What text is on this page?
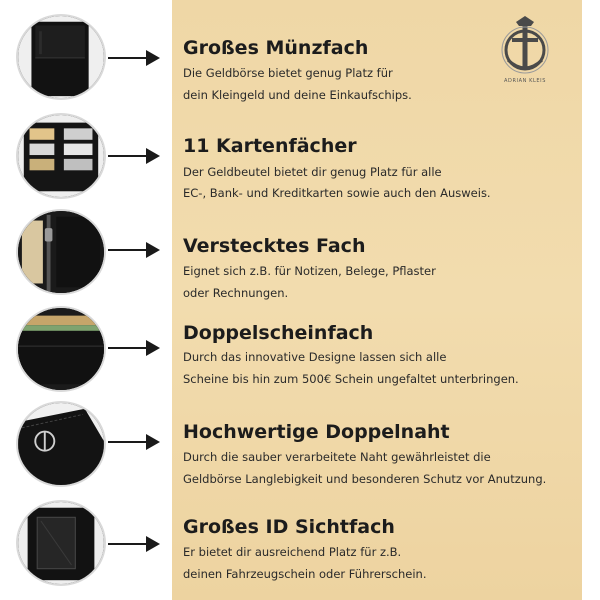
ADRIAN KLEIS
Großes Münzfach
Die Geldbörse bietet genug Platz für
dein Kleingeld und deine Einkaufschips.
11 Kartenfächer
Der Geldbeutel bietet dir genug Platz für alle
EC-, Bank- und Kreditkarten sowie auch den Ausweis.
Verstecktes Fach
Eignet sich z.B. für Notizen, Belege, Pflaster
oder Rechnungen.
Doppelscheinfach
Durch das innovative Designe lassen sich alle
Scheine bis hin zum 500€ Schein ungefaltet unterbringen.
Hochwertige Doppelnaht
Durch die sauber verarbeitete Naht gewährleistet die
Geldbörse Langlebigkeit und besonderen Schutz vor Anutzung.
Großes ID Sichtfach
Er bietet dir ausreichend Platz für z.B.
deinen Fahrzeugschein oder Führerschein.
